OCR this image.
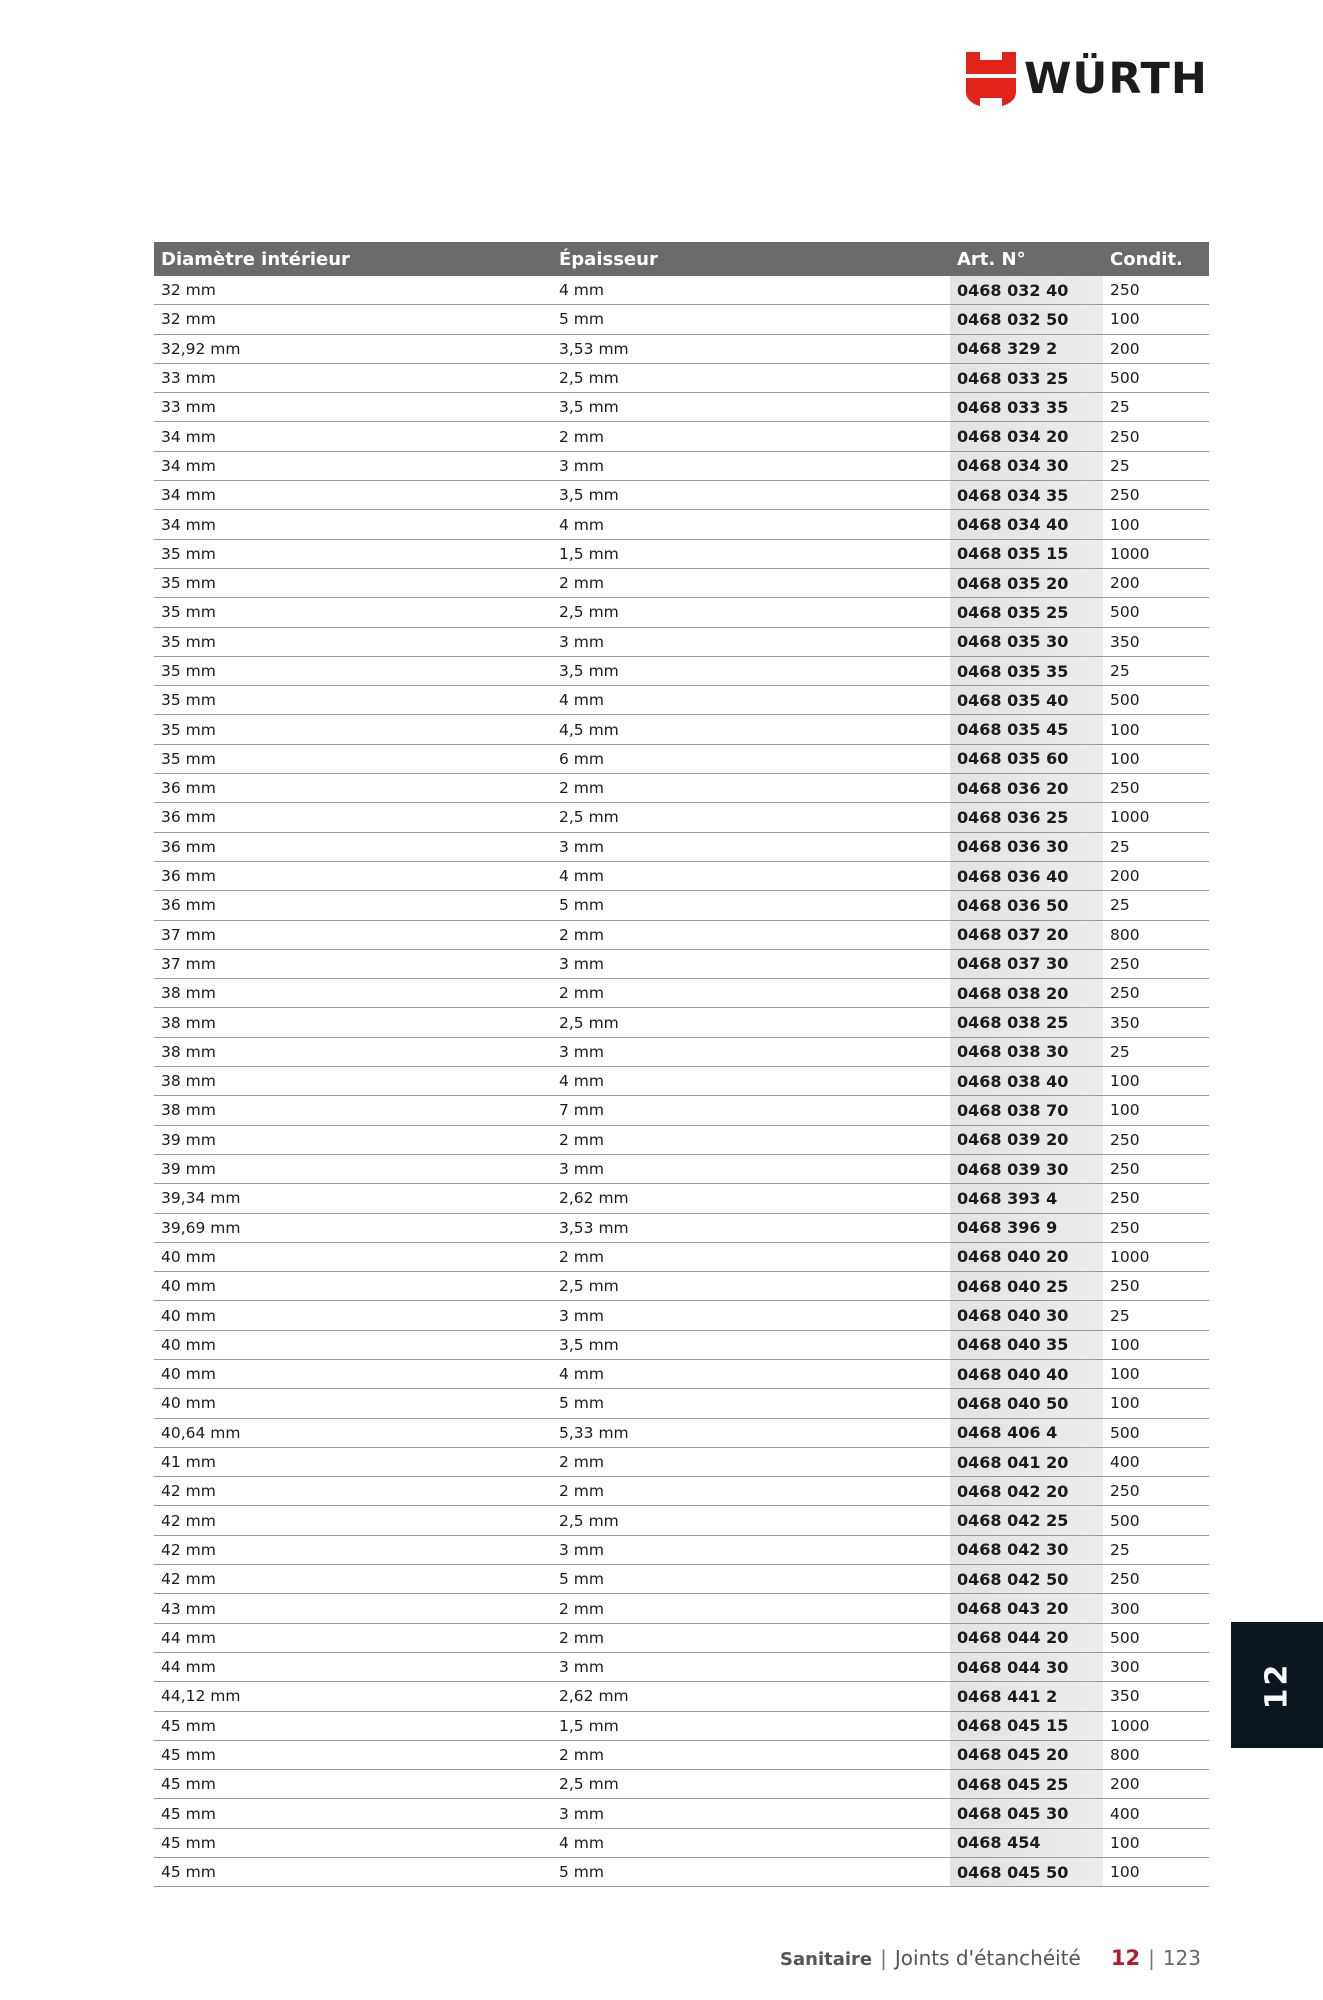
WÜRTH
Diamètre intérieur	Épaisseur	Art. N°	Condit.
32 mm	4 mm	0468 032 40	250
32 mm	5 mm	0468 032 50	100
32,92 mm	3,53 mm	0468 329 2	200
33 mm	2,5 mm	0468 033 25	500
33 mm	3,5 mm	0468 033 35	25
34 mm	2 mm	0468 034 20	250
34 mm	3 mm	0468 034 30	25
34 mm	3,5 mm	0468 034 35	250
34 mm	4 mm	0468 034 40	100
35 mm	1,5 mm	0468 035 15	1000
35 mm	2 mm	0468 035 20	200
35 mm	2,5 mm	0468 035 25	500
35 mm	3 mm	0468 035 30	350
35 mm	3,5 mm	0468 035 35	25
35 mm	4 mm	0468 035 40	500
35 mm	4,5 mm	0468 035 45	100
35 mm	6 mm	0468 035 60	100
36 mm	2 mm	0468 036 20	250
36 mm	2,5 mm	0468 036 25	1000
36 mm	3 mm	0468 036 30	25
36 mm	4 mm	0468 036 40	200
36 mm	5 mm	0468 036 50	25
37 mm	2 mm	0468 037 20	800
37 mm	3 mm	0468 037 30	250
38 mm	2 mm	0468 038 20	250
38 mm	2,5 mm	0468 038 25	350
38 mm	3 mm	0468 038 30	25
38 mm	4 mm	0468 038 40	100
38 mm	7 mm	0468 038 70	100
39 mm	2 mm	0468 039 20	250
39 mm	3 mm	0468 039 30	250
39,34 mm	2,62 mm	0468 393 4	250
39,69 mm	3,53 mm	0468 396 9	250
40 mm	2 mm	0468 040 20	1000
40 mm	2,5 mm	0468 040 25	250
40 mm	3 mm	0468 040 30	25
40 mm	3,5 mm	0468 040 35	100
40 mm	4 mm	0468 040 40	100
40 mm	5 mm	0468 040 50	100
40,64 mm	5,33 mm	0468 406 4	500
41 mm	2 mm	0468 041 20	400
42 mm	2 mm	0468 042 20	250
42 mm	2,5 mm	0468 042 25	500
42 mm	3 mm	0468 042 30	25
42 mm	5 mm	0468 042 50	250
43 mm	2 mm	0468 043 20	300
44 mm	2 mm	0468 044 20	500
44 mm	3 mm	0468 044 30	300
44,12 mm	2,62 mm	0468 441 2	350
45 mm	1,5 mm	0468 045 15	1000
45 mm	2 mm	0468 045 20	800
45 mm	2,5 mm	0468 045 25	200
45 mm	3 mm	0468 045 30	400
45 mm	4 mm	0468 454	100
45 mm	5 mm	0468 045 50	100
12
Sanitaire | Joints d'étanchéité 12 | 123
